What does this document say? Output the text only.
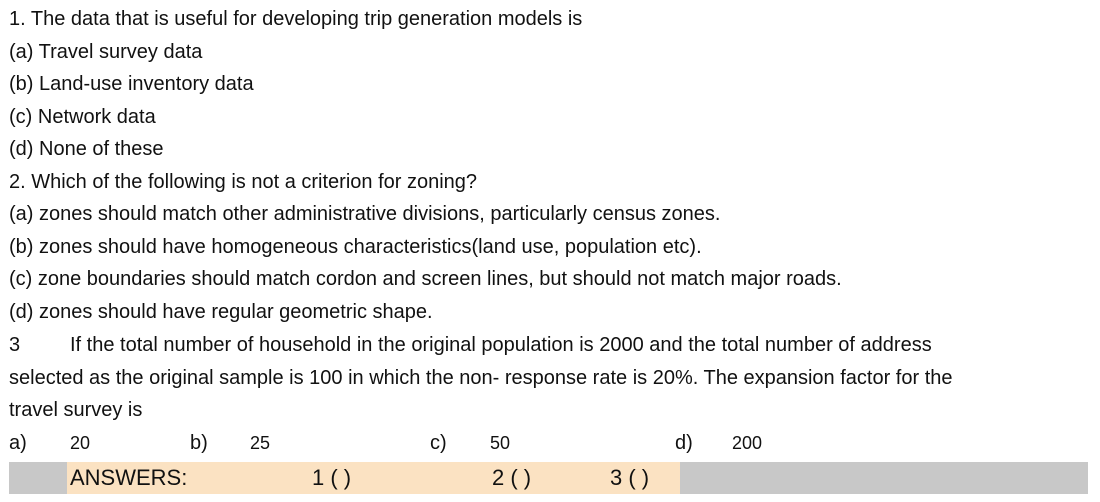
1. The data that is useful for developing trip generation models is
(a) Travel survey data
(b) Land-use inventory data
(c) Network data
(d) None of these
2. Which of the following is not a criterion for zoning?
(a) zones should match other administrative divisions, particularly census zones.
(b) zones should have homogeneous characteristics(land use, population etc).
(c) zone boundaries should match cordon and screen lines, but should not match major roads.
(d) zones should have regular geometric shape.
3 If the total number of household in the original population is 2000 and the total number of address
selected as the original sample is 100 in which the non- response rate is 20%. The expansion factor for the
travel survey is
a) 20	b) 25	c) 50	d) 200
ANSWERS:	1 ( )	2 ( )	3 ( )
